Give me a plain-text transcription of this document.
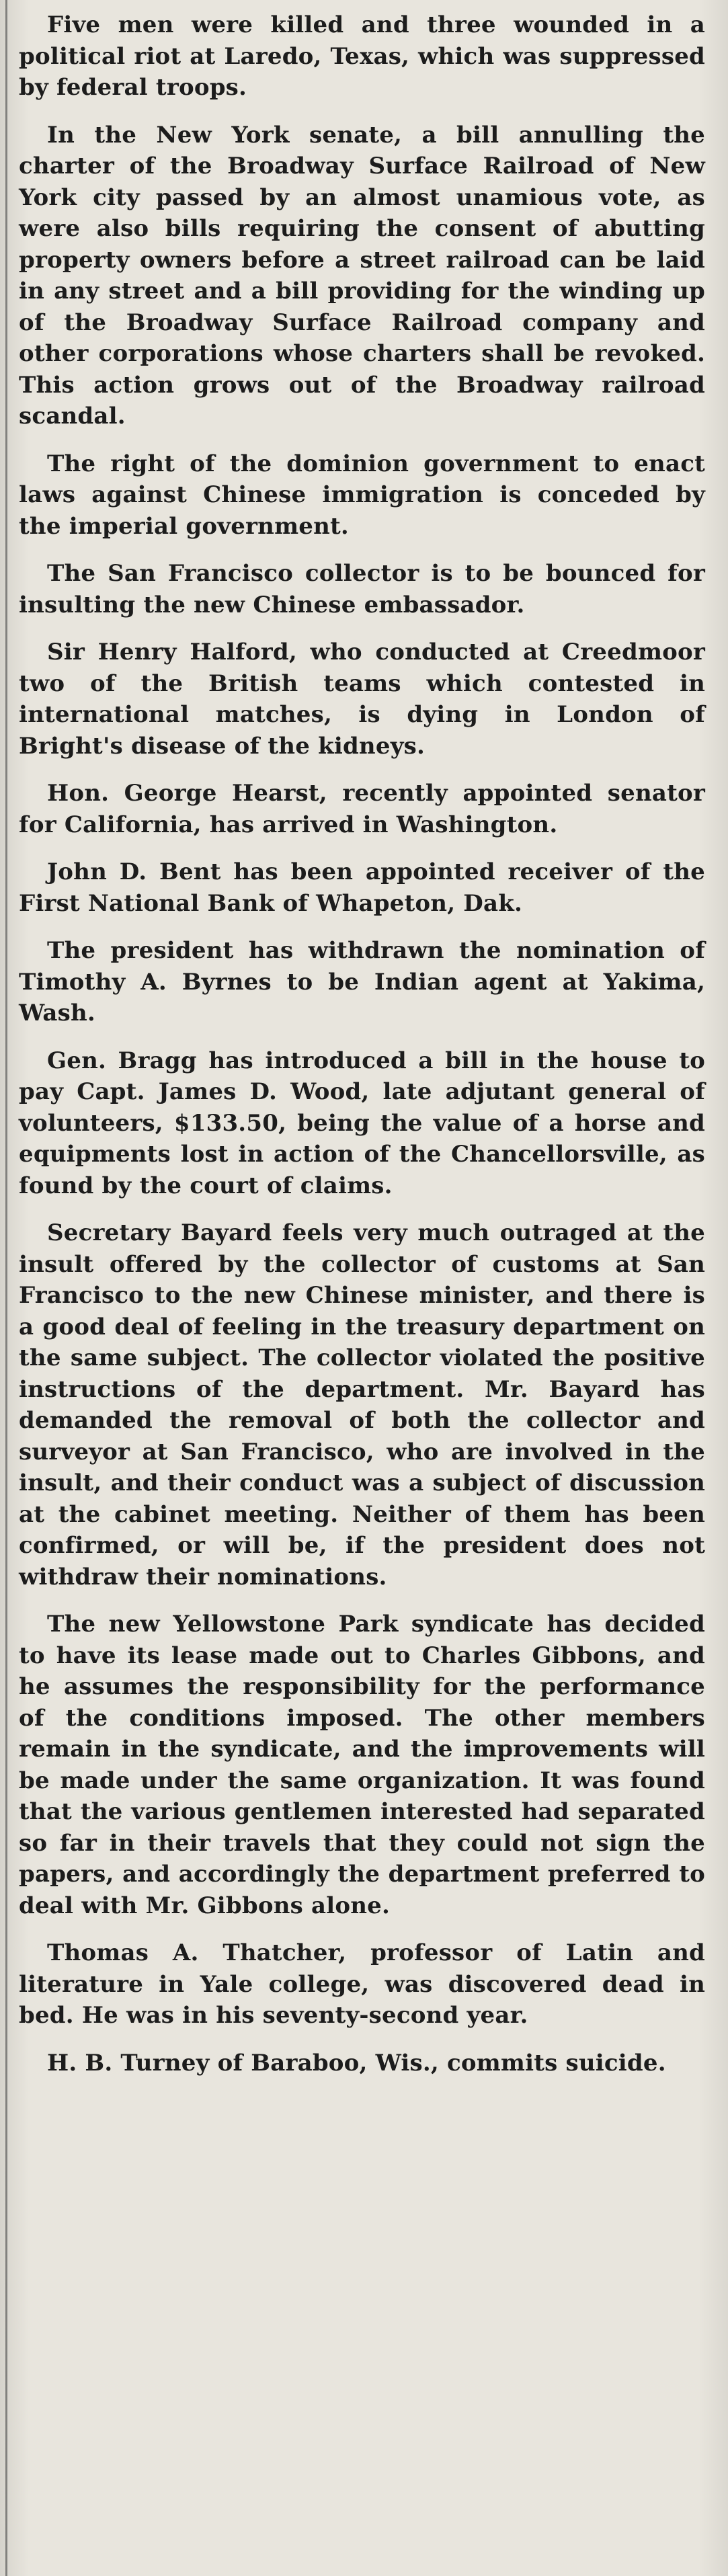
Five men were killed and three wounded in a political riot at Laredo, Texas, which was suppressed by federal troops.

In the New York senate, a bill annulling the charter of the Broadway Surface Railroad of New York city passed by an almost unamious vote, as were also bills requiring the consent of abutting property owners before a street railroad can be laid in any street and a bill providing for the winding up of the Broadway Surface Railroad company and other corporations whose charters shall be revoked. This action grows out of the Broadway railroad scandal.

The right of the dominion government to enact laws against Chinese immigration is conceded by the imperial government.

The San Francisco collector is to be bounced for insulting the new Chinese embassador.

Sir Henry Halford, who conducted at Creedmoor two of the British teams which contested in international matches, is dying in London of Bright's disease of the kidneys.

Hon. George Hearst, recently appointed senator for California, has arrived in Washington.

John D. Bent has been appointed receiver of the First National Bank of Whapeton, Dak.

The president has withdrawn the nomination of Timothy A. Byrnes to be Indian agent at Yakima, Wash.

Gen. Bragg has introduced a bill in the house to pay Capt. James D. Wood, late adjutant general of volunteers, $133.50, being the value of a horse and equipments lost in action of the Chancellorsville, as found by the court of claims.

Secretary Bayard feels very much outraged at the insult offered by the collector of customs at San Francisco to the new Chinese minister, and there is a good deal of feeling in the treasury department on the same subject. The collector violated the positive instructions of the department. Mr. Bayard has demanded the removal of both the collector and surveyor at San Francisco, who are involved in the insult, and their conduct was a subject of discussion at the cabinet meeting. Neither of them has been confirmed, or will be, if the president does not withdraw their nominations.

The new Yellowstone Park syndicate has decided to have its lease made out to Charles Gibbons, and he assumes the responsibility for the performance of the conditions imposed. The other members remain in the syndicate, and the improvements will be made under the same organization. It was found that the various gentlemen interested had separated so far in their travels that they could not sign the papers, and accordingly the department preferred to deal with Mr. Gibbons alone.

Thomas A. Thatcher, professor of Latin and literature in Yale college, was discovered dead in bed. He was in his seventy-second year.

H. B. Turney of Baraboo, Wis., commits suicide.
